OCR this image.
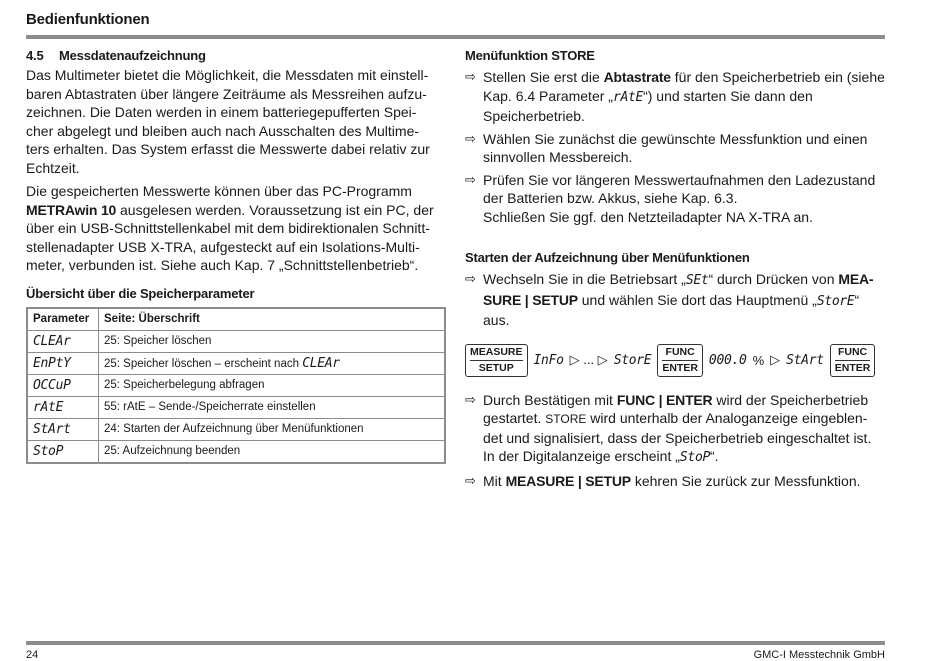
Bedienfunktionen
4.5 Messdatenaufzeichnung

Das Multimeter bietet die Möglichkeit, die Messdaten mit einstell-
baren Abtastraten über längere Zeiträume als Messreihen aufzu-
zeichnen. Die Daten werden in einem batteriegepufferten Spei-
cher abgelegt und bleiben auch nach Ausschalten des Multime-
ters erhalten. Das System erfasst die Messwerte dabei relativ zur
Echtzeit.

Die gespeicherten Messwerte können über das PC-Programm
METRAwin 10 ausgelesen werden. Voraussetzung ist ein PC, der
über ein USB-Schnittstellenkabel mit dem bidirektionalen Schnitt-
stellenadapter USB X-TRA, aufgesteckt auf ein Isolations-Multi-
meter, verbunden ist. Siehe auch Kap. 7 „Schnittstellenbetrieb“.

Übersicht über die Speicherparameter
Parameter	Seite: Überschrift
CLEAr	25: Speicher löschen
EnPtY	25: Speicher löschen – erscheint nach CLEAr
OCCuP	25: Speicherbelegung abfragen
rAtE	55: rAtE – Sende-/Speicherrate einstellen
StArt	24: Starten der Aufzeichnung über Menüfunktionen
StoP	25: Aufzeichnung beenden
Menüfunktion STORE
⇨ Stellen Sie erst die Abtastrate für den Speicherbetrieb ein (siehe
Kap. 6.4 Parameter „rAtE“) und starten Sie dann den
Speicherbetrieb.
⇨ Wählen Sie zunächst die gewünschte Messfunktion und einen
sinnvollen Messbereich.
⇨ Prüfen Sie vor längeren Messwertaufnahmen den Ladezustand
der Batterien bzw. Akkus, siehe Kap. 6.3.
Schließen Sie ggf. den Netzteiladapter NA X-TRA an.
Starten der Aufzeichnung über Menüfunktionen
⇨ Wechseln Sie in die Betriebsart „SEt“ durch Drücken von MEA-
SURE | SETUP und wählen Sie dort das Hauptmenü „StorE“ aus.
MEASURE
SETUP	InFo ▷ ... ▷ StorE
FUNC
ENTER 000.0 % ▷ StArt
FUNC
ENTER
⇨ Durch Bestätigen mit FUNC | ENTER wird der Speicherbetrieb
gestartet. STORE wird unterhalb der Analoganzeige eingeblen-
det und signalisiert, dass der Speicherbetrieb eingeschaltet ist.
In der Digitalanzeige erscheint „StoP“.
⇨ Mit MEASURE | SETUP kehren Sie zurück zur Messfunktion.
24	GMC-I Messtechnik GmbH
